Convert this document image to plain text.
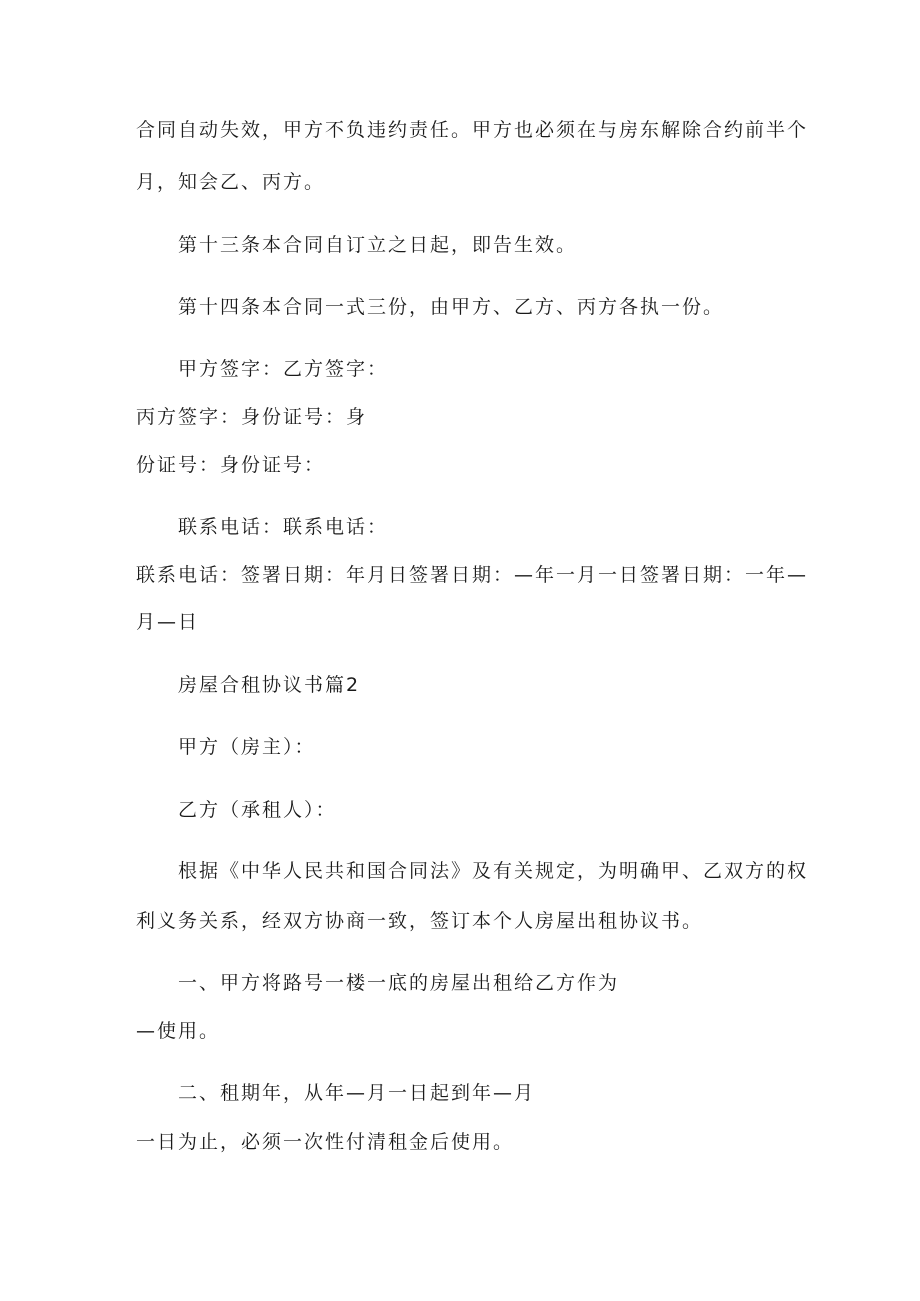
合同自动失效，甲方不负违约责任。甲方也必须在与房东解除合约前半个
月，知会乙、丙方。
第十三条本合同自订立之日起，即告生效。
第十四条本合同一式三份，由甲方、乙方、丙方各执一份。
甲方签字：乙方签字：
丙方签字：身份证号：身
份证号：身份证号：
联系电话：联系电话：
联系电话：签署日期：年月日签署日期：—年一月一日签署日期：一年—
月—日
房屋合租协议书篇2
甲方（房主）：
乙方（承租人）：
根据《中华人民共和国合同法》及有关规定，为明确甲、乙双方的权
利义务关系，经双方协商一致，签订本个人房屋出租协议书。
一、甲方将路号一楼一底的房屋出租给乙方作为
—使用。
二、租期年，从年—月一日起到年—月
一日为止，必须一次性付清租金后使用。
